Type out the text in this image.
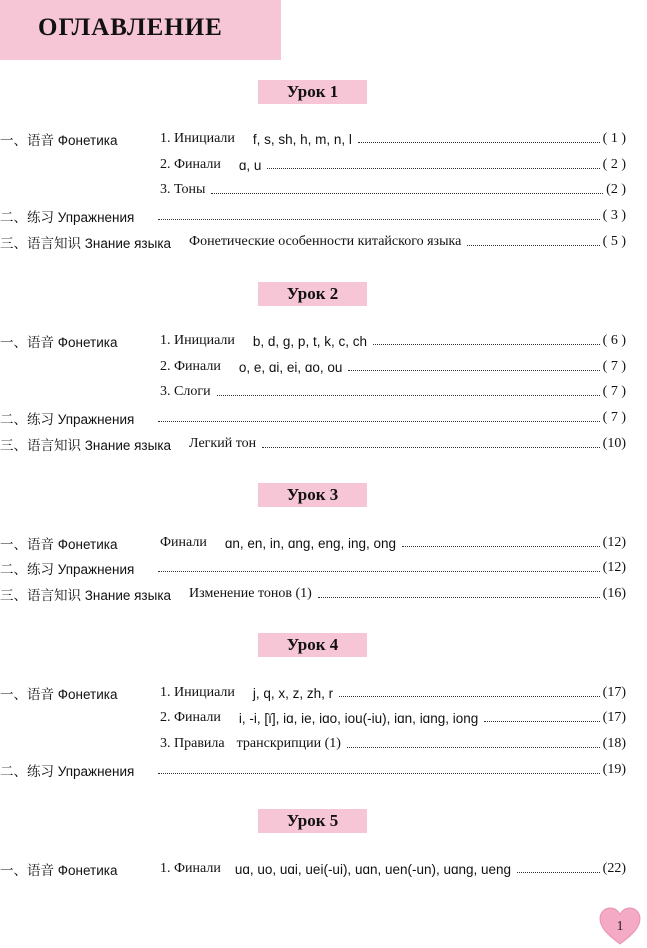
ОГЛАВЛЕНИЕ
Урок 1
一、语音 Фонетика	1. Инициали f, s, sh, h, m, n, l	( 1 )
2. Финали ɑ, u	( 2 )
3. Тоны	(2 )
二、练习 Упражнения	( 3 )
三、语言知识 Знание языка Фонетические особенности китайского языка	( 5 )
Урок 2
一、语音 Фонетика	1. Инициали b, d, g, p, t, k, c, ch	( 6 )
2. Финали o, e, ɑi, ei, ɑo, ou	( 7 )
3. Слоги	( 7 )
二、练习 Упражнения	( 7 )
三、语言知识 Знание языка Легкий тон	(10)
Урок 3
一、语音 Фонетика	Финали ɑn, en, in, ɑng, eng, ing, ong	(12)
二、练习 Упражнения	(12)
三、语言知识 Знание языка Изменение тонов (1)	(16)
Урок 4
一、语音 Фонетика	1. Инициали j, q, x, z, zh, r	(17)
2. Финали i, -i, [ï], iɑ, ie, iɑo, iou(-iu), iɑn, iɑng, iong	(17)
3. Правила транскрипции (1)	(18)
二、练习 Упражнения	(19)
Урок 5
一、语音 Фонетика	1. Финали uɑ, uo, uɑi, uei(-ui), uɑn, uen(-un), uɑng, ueng	(22)
1
